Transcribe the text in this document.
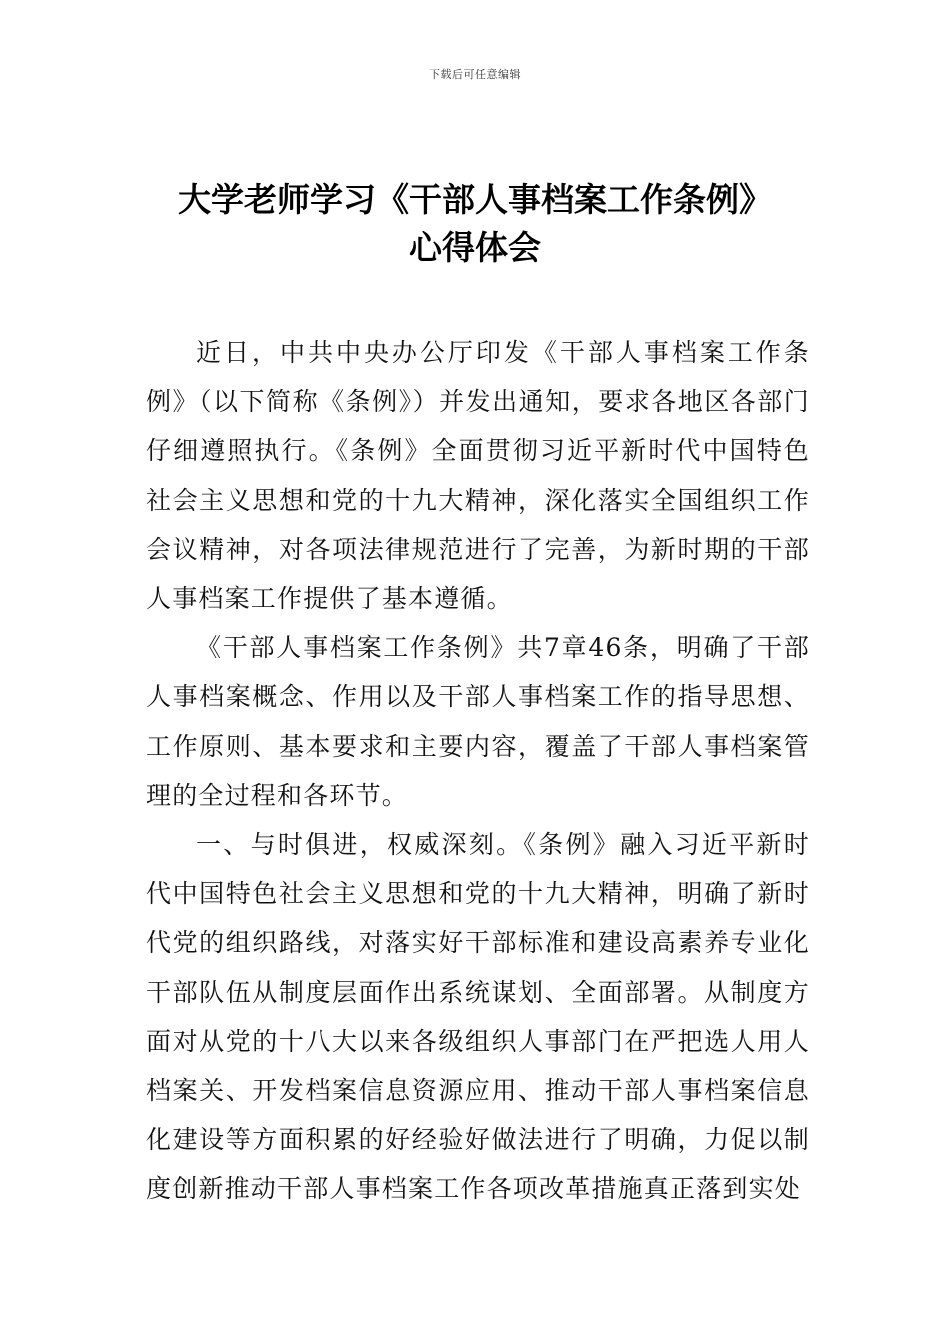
下载后可任意编辑
大学老师学习《干部人事档案工作条例》
心得体会

近日，中共中央办公厅印发《干部人事档案工作条例》（以下简称《条例》）并发出通知，要求各地区各部门仔细遵照执行。《条例》全面贯彻习近平新时代中国特色社会主义思想和党的十九大精神，深化落实全国组织工作会议精神，对各项法律规范进行了完善，为新时期的干部人事档案工作提供了基本遵循。

《干部人事档案工作条例》共7章46条，明确了干部人事档案概念、作用以及干部人事档案工作的指导思想、工作原则、基本要求和主要内容，覆盖了干部人事档案管理的全过程和各环节。

一、与时俱进，权威深刻。《条例》融入习近平新时代中国特色社会主义思想和党的十九大精神，明确了新时代党的组织路线，对落实好干部标准和建设高素养专业化干部队伍从制度层面作出系统谋划、全面部署。从制度方面对从党的十八大以来各级组织人事部门在严把选人用人档案关、开发档案信息资源应用、推动干部人事档案信息化建设等方面积累的好经验好做法进行了明确，力促以制度创新推动干部人事档案工作各项改革措施真正落到实处
